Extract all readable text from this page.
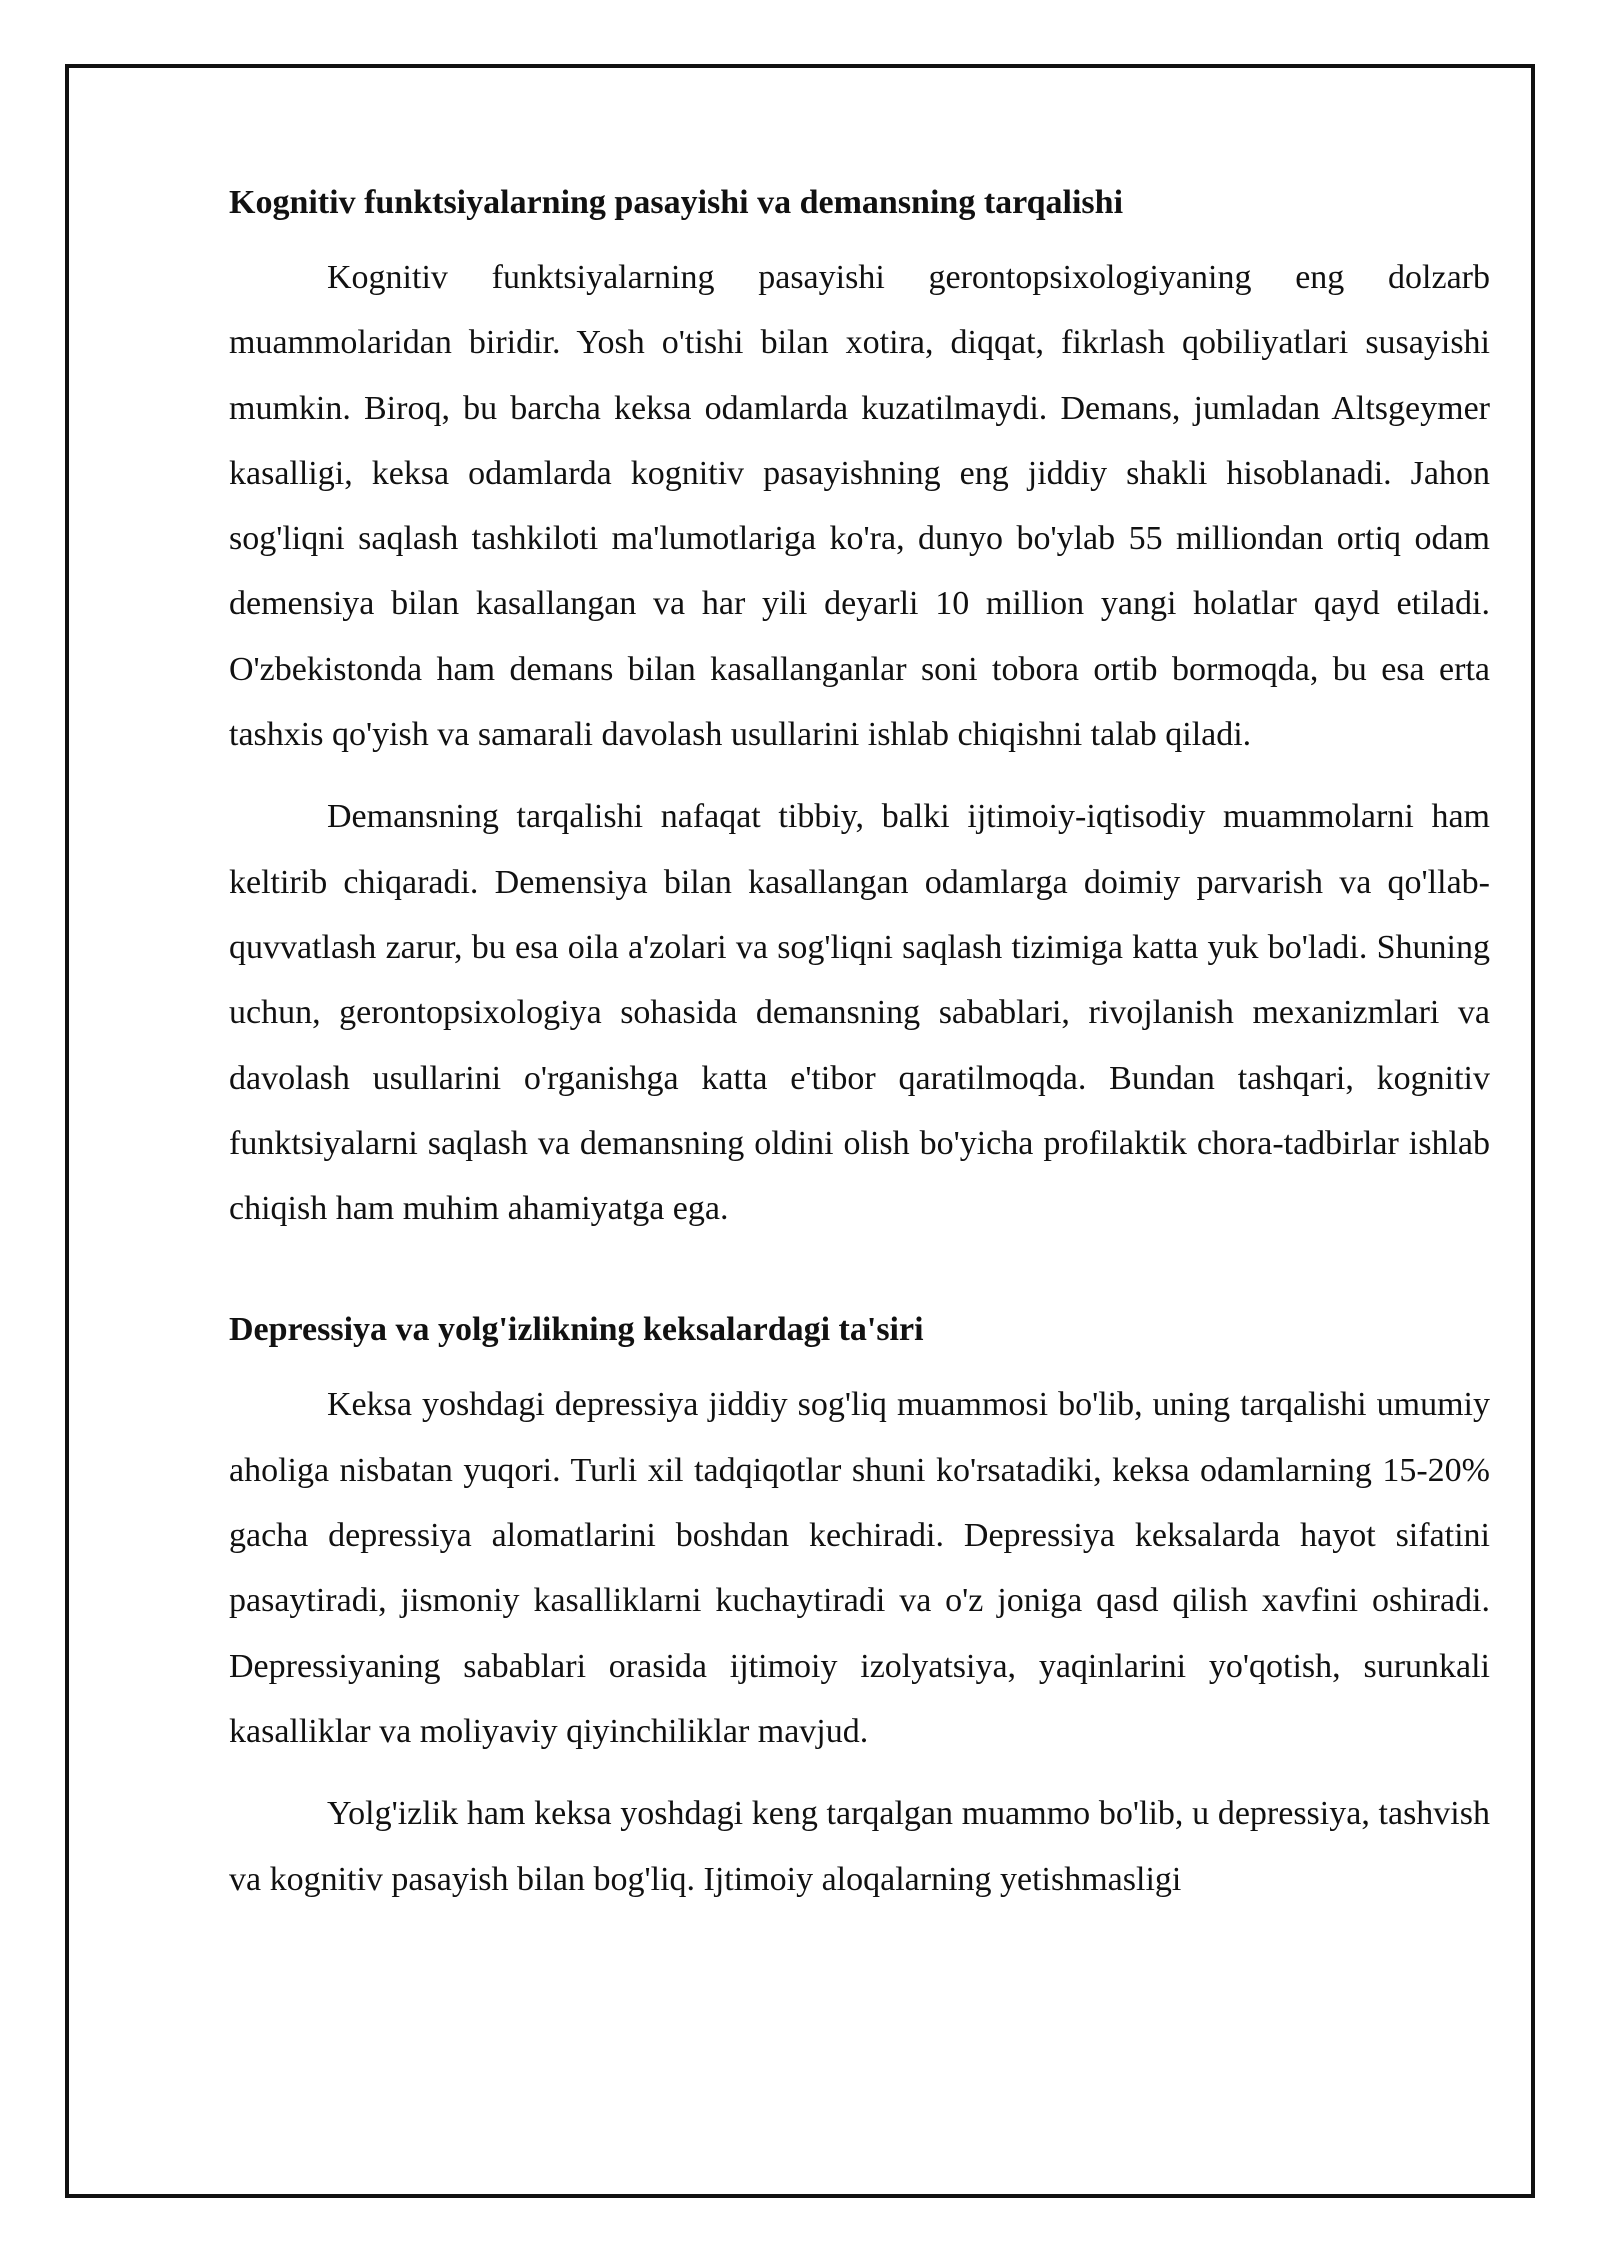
Kognitiv funktsiyalarning pasayishi va demansning tarqalishi

Kognitiv funktsiyalarning pasayishi gerontopsixologiyaning eng dolzarb muammolaridan biridir. Yosh o'tishi bilan xotira, diqqat, fikrlash qobiliyatlari susayishi mumkin. Biroq, bu barcha keksa odamlarda kuzatilmaydi. Demans, jumladan Altsgeymer kasalligi, keksa odamlarda kognitiv pasayishning eng jiddiy shakli hisoblanadi. Jahon sog'liqni saqlash tashkiloti ma'lumotlariga ko'ra, dunyo bo'ylab 55 milliondan ortiq odam demensiya bilan kasallangan va har yili deyarli 10 million yangi holatlar qayd etiladi. O'zbekistonda ham demans bilan kasallanganlar soni tobora ortib bormoqda, bu esa erta tashxis qo'yish va samarali davolash usullarini ishlab chiqishni talab qiladi.

Demansning tarqalishi nafaqat tibbiy, balki ijtimoiy-iqtisodiy muammolarni ham keltirib chiqaradi. Demensiya bilan kasallangan odamlarga doimiy parvarish va qo'llab-quvvatlash zarur, bu esa oila a'zolari va sog'liqni saqlash tizimiga katta yuk bo'ladi. Shuning uchun, gerontopsixologiya sohasida demansning sabablari, rivojlanish mexanizmlari va davolash usullarini o'rganishga katta e'tibor qaratilmoqda. Bundan tashqari, kognitiv funktsiyalarni saqlash va demansning oldini olish bo'yicha profilaktik chora-tadbirlar ishlab chiqish ham muhim ahamiyatga ega.

Depressiya va yolg'izlikning keksalardagi ta'siri

Keksa yoshdagi depressiya jiddiy sog'liq muammosi bo'lib, uning tarqalishi umumiy aholiga nisbatan yuqori. Turli xil tadqiqotlar shuni ko'rsatadiki, keksa odamlarning 15-20% gacha depressiya alomatlarini boshdan kechiradi. Depressiya keksalarda hayot sifatini pasaytiradi, jismoniy kasalliklarni kuchaytiradi va o'z joniga qasd qilish xavfini oshiradi. Depressiyaning sabablari orasida ijtimoiy izolyatsiya, yaqinlarini yo'qotish, surunkali kasalliklar va moliyaviy qiyinchiliklar mavjud.

Yolg'izlik ham keksa yoshdagi keng tarqalgan muammo bo'lib, u depressiya, tashvish va kognitiv pasayish bilan bog'liq. Ijtimoiy aloqalarning yetishmasligi
